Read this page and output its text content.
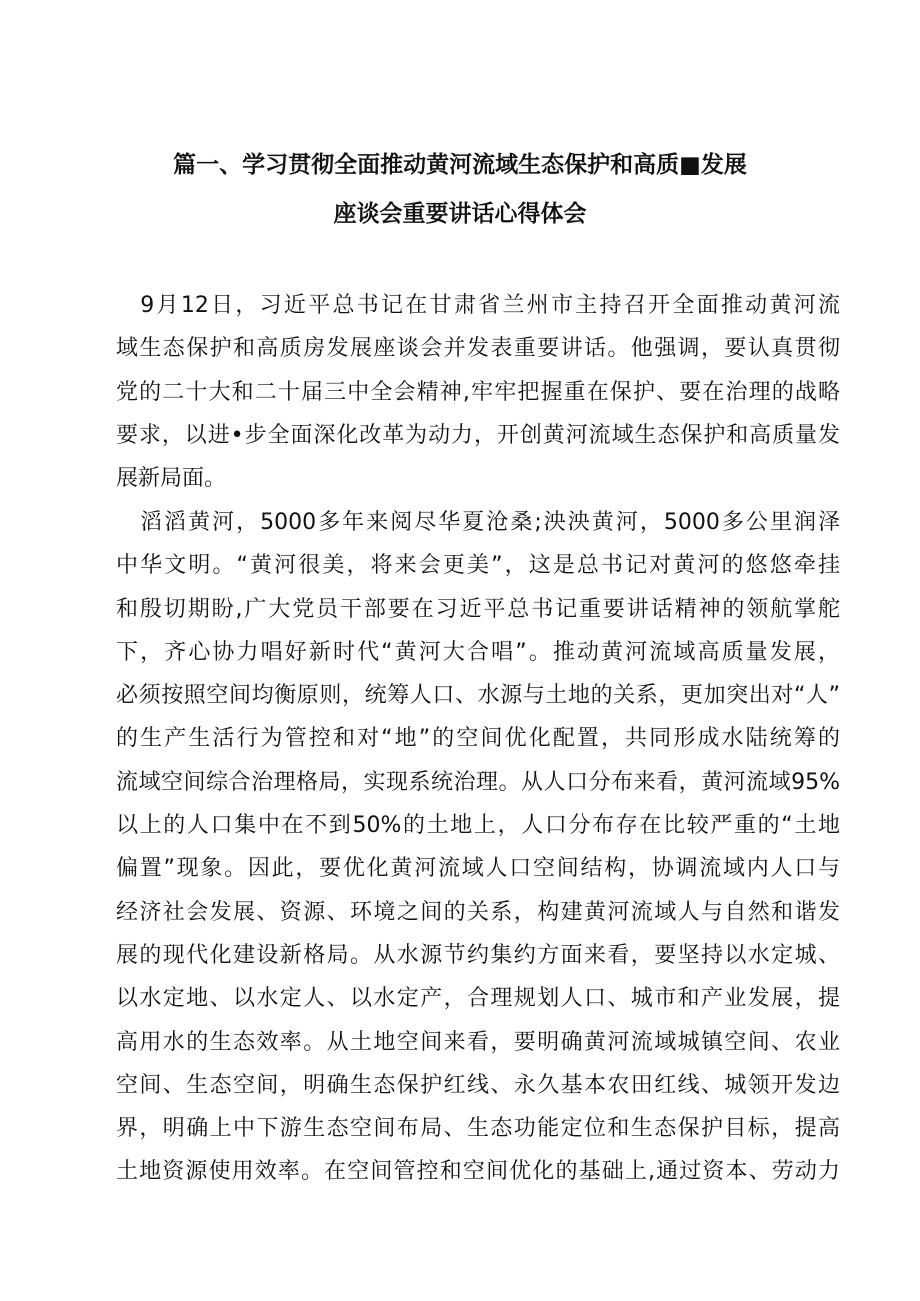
篇一、学习贯彻全面推动黄河流域生态保护和高质■发展
座谈会重要讲话心得体会
　9月12日，习近平总书记在甘肃省兰州市主持召开全面推动黄河流
域生态保护和高质房发展座谈会并发表重要讲话。他强调，要认真贯彻
党的二十大和二十届三中全会精神,牢牢把握重在保护、要在治理的战略
要求，以进•步全面深化改革为动力，开创黄河流域生态保护和高质量发
展新局面。
　滔滔黄河，5000多年来阅尽华夏沧桑;泱泱黄河，5000多公里润泽
中华文明。“黄河很美，将来会更美”，这是总书记对黄河的悠悠牵挂
和殷切期盼,广大党员干部要在习近平总书记重要讲话精神的领航掌舵
下，齐心协力唱好新时代“黄河大合唱”。推动黄河流域高质量发展，
必须按照空间均衡原则，统筹人口、水源与土地的关系，更加突出对“人”
的生产生活行为管控和对“地”的空间优化配置，共同形成水陆统筹的
流域空间综合治理格局，实现系统治理。从人口分布来看，黄河流域95%
以上的人口集中在不到50%的土地上，人口分布存在比较严重的“土地
偏置”现象。因此，要优化黄河流域人口空间结构，协调流域内人口与
经济社会发展、资源、环境之间的关系，构建黄河流域人与自然和谐发
展的现代化建设新格局。从水源节约集约方面来看，要坚持以水定城、
以水定地、以水定人、以水定产，合理规划人口、城市和产业发展，提
高用水的生态效率。从土地空间来看，要明确黄河流域城镇空间、农业
空间、生态空间，明确生态保护红线、永久基本农田红线、城领开发边
界，明确上中下游生态空间布局、生态功能定位和生态保护目标，提高
土地资源使用效率。在空间管控和空间优化的基础上,通过资本、劳动力
